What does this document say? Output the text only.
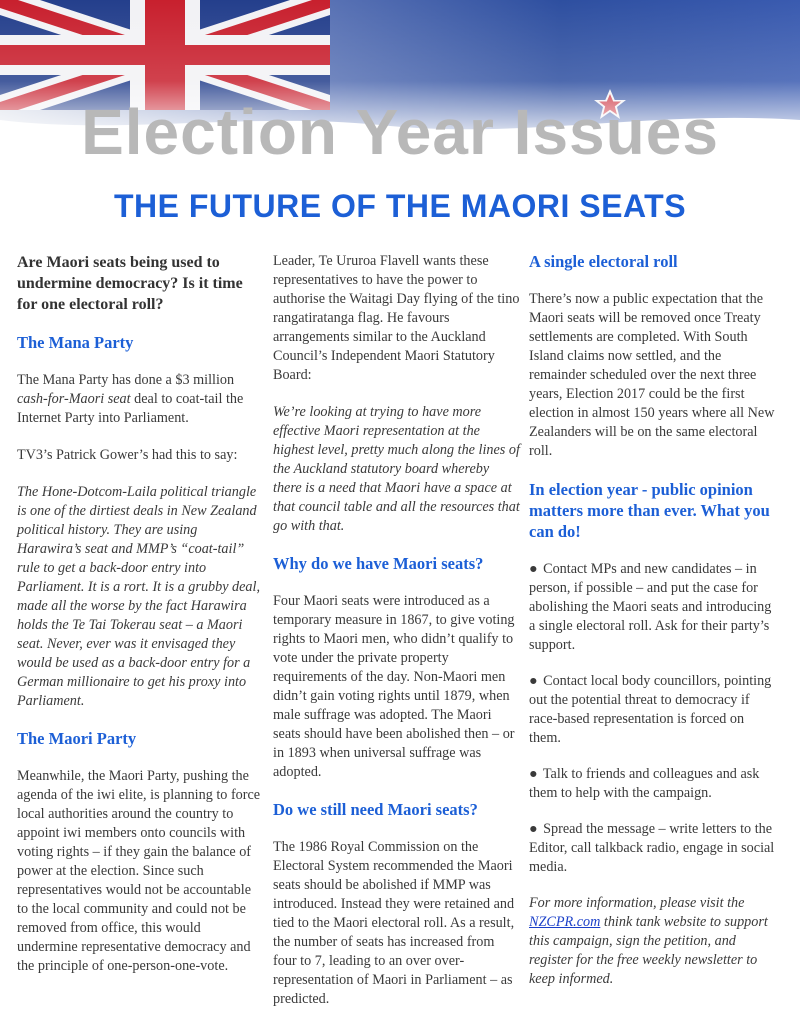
Election Year Issues
THE FUTURE OF THE MAORI SEATS
Are Maori seats being used to undermine democracy? Is it time for one electoral roll?
The Mana Party

The Mana Party has done a $3 million cash-for-Maori seat deal to coat-tail the Internet Party into Parliament.

TV3’s Patrick Gower’s had this to say:

The Hone-Dotcom-Laila political triangle is one of the dirtiest deals in New Zealand political history. They are using Harawira’s seat and MMP’s “coat-tail” rule to get a back-door entry into Parliament. It is a rort. It is a grubby deal, made all the worse by the fact Harawira holds the Te Tai Tokerau seat – a Maori seat. Never, ever was it envisaged they would be used as a back-door entry for a German millionaire to get his proxy into Parliament.

The Maori Party

Meanwhile, the Maori Party, pushing the agenda of the iwi elite, is planning to force local authorities around the country to appoint iwi members onto councils with voting rights – if they gain the balance of power at the election. Since such representatives would not be accountable to the local community and could not be removed from office, this would undermine representative democracy and the principle of one-person-one-vote.

Leader, Te Ururoa Flavell wants these representatives to have the power to authorise the Waitagi Day flying of the tino rangatiratanga flag. He favours arrangements similar to the Auckland Council’s Independent Maori Statutory Board:

We’re looking at trying to have more effective Maori representation at the highest level, pretty much along the lines of the Auckland statutory board whereby there is a need that Maori have a space at that council table and all the resources that go with that.

Why do we have Maori seats?

Four Maori seats were introduced as a temporary measure in 1867, to give voting rights to Maori men, who didn’t qualify to vote under the private property requirements of the day. Non-Maori men didn’t gain voting rights until 1879, when male suffrage was adopted. The Maori seats should have been abolished then – or in 1893 when universal suffrage was adopted.

Do we still need Maori seats?

The 1986 Royal Commission on the Electoral System recommended the Maori seats should be abolished if MMP was introduced. Instead they were retained and tied to the Maori electoral roll. As a result, the number of seats has increased from four to 7, leading to an over over-representation of Maori in Parliament – as predicted.

A single electoral roll

There’s now a public expectation that the Maori seats will be removed once Treaty settlements are completed. With South Island claims now settled, and the remainder scheduled over the next three years, Election 2017 could be the first election in almost 150 years where all New Zealanders will be on the same electoral roll.

In election year - public opinion matters more than ever. What you can do!
● Contact MPs and new candidates – in person, if possible – and put the case for abolishing the Maori seats and introducing a single electoral roll. Ask for their party’s support.
● Contact local body councillors, pointing out the potential threat to democracy if race-based representation is forced on them.
● Talk to friends and colleagues and ask them to help with the campaign.
● Spread the message – write letters to the Editor, call talkback radio, engage in social media.

For more information, please visit the NZCPR.com think tank website to support this campaign, sign the petition, and register for the free weekly newsletter to keep informed.
